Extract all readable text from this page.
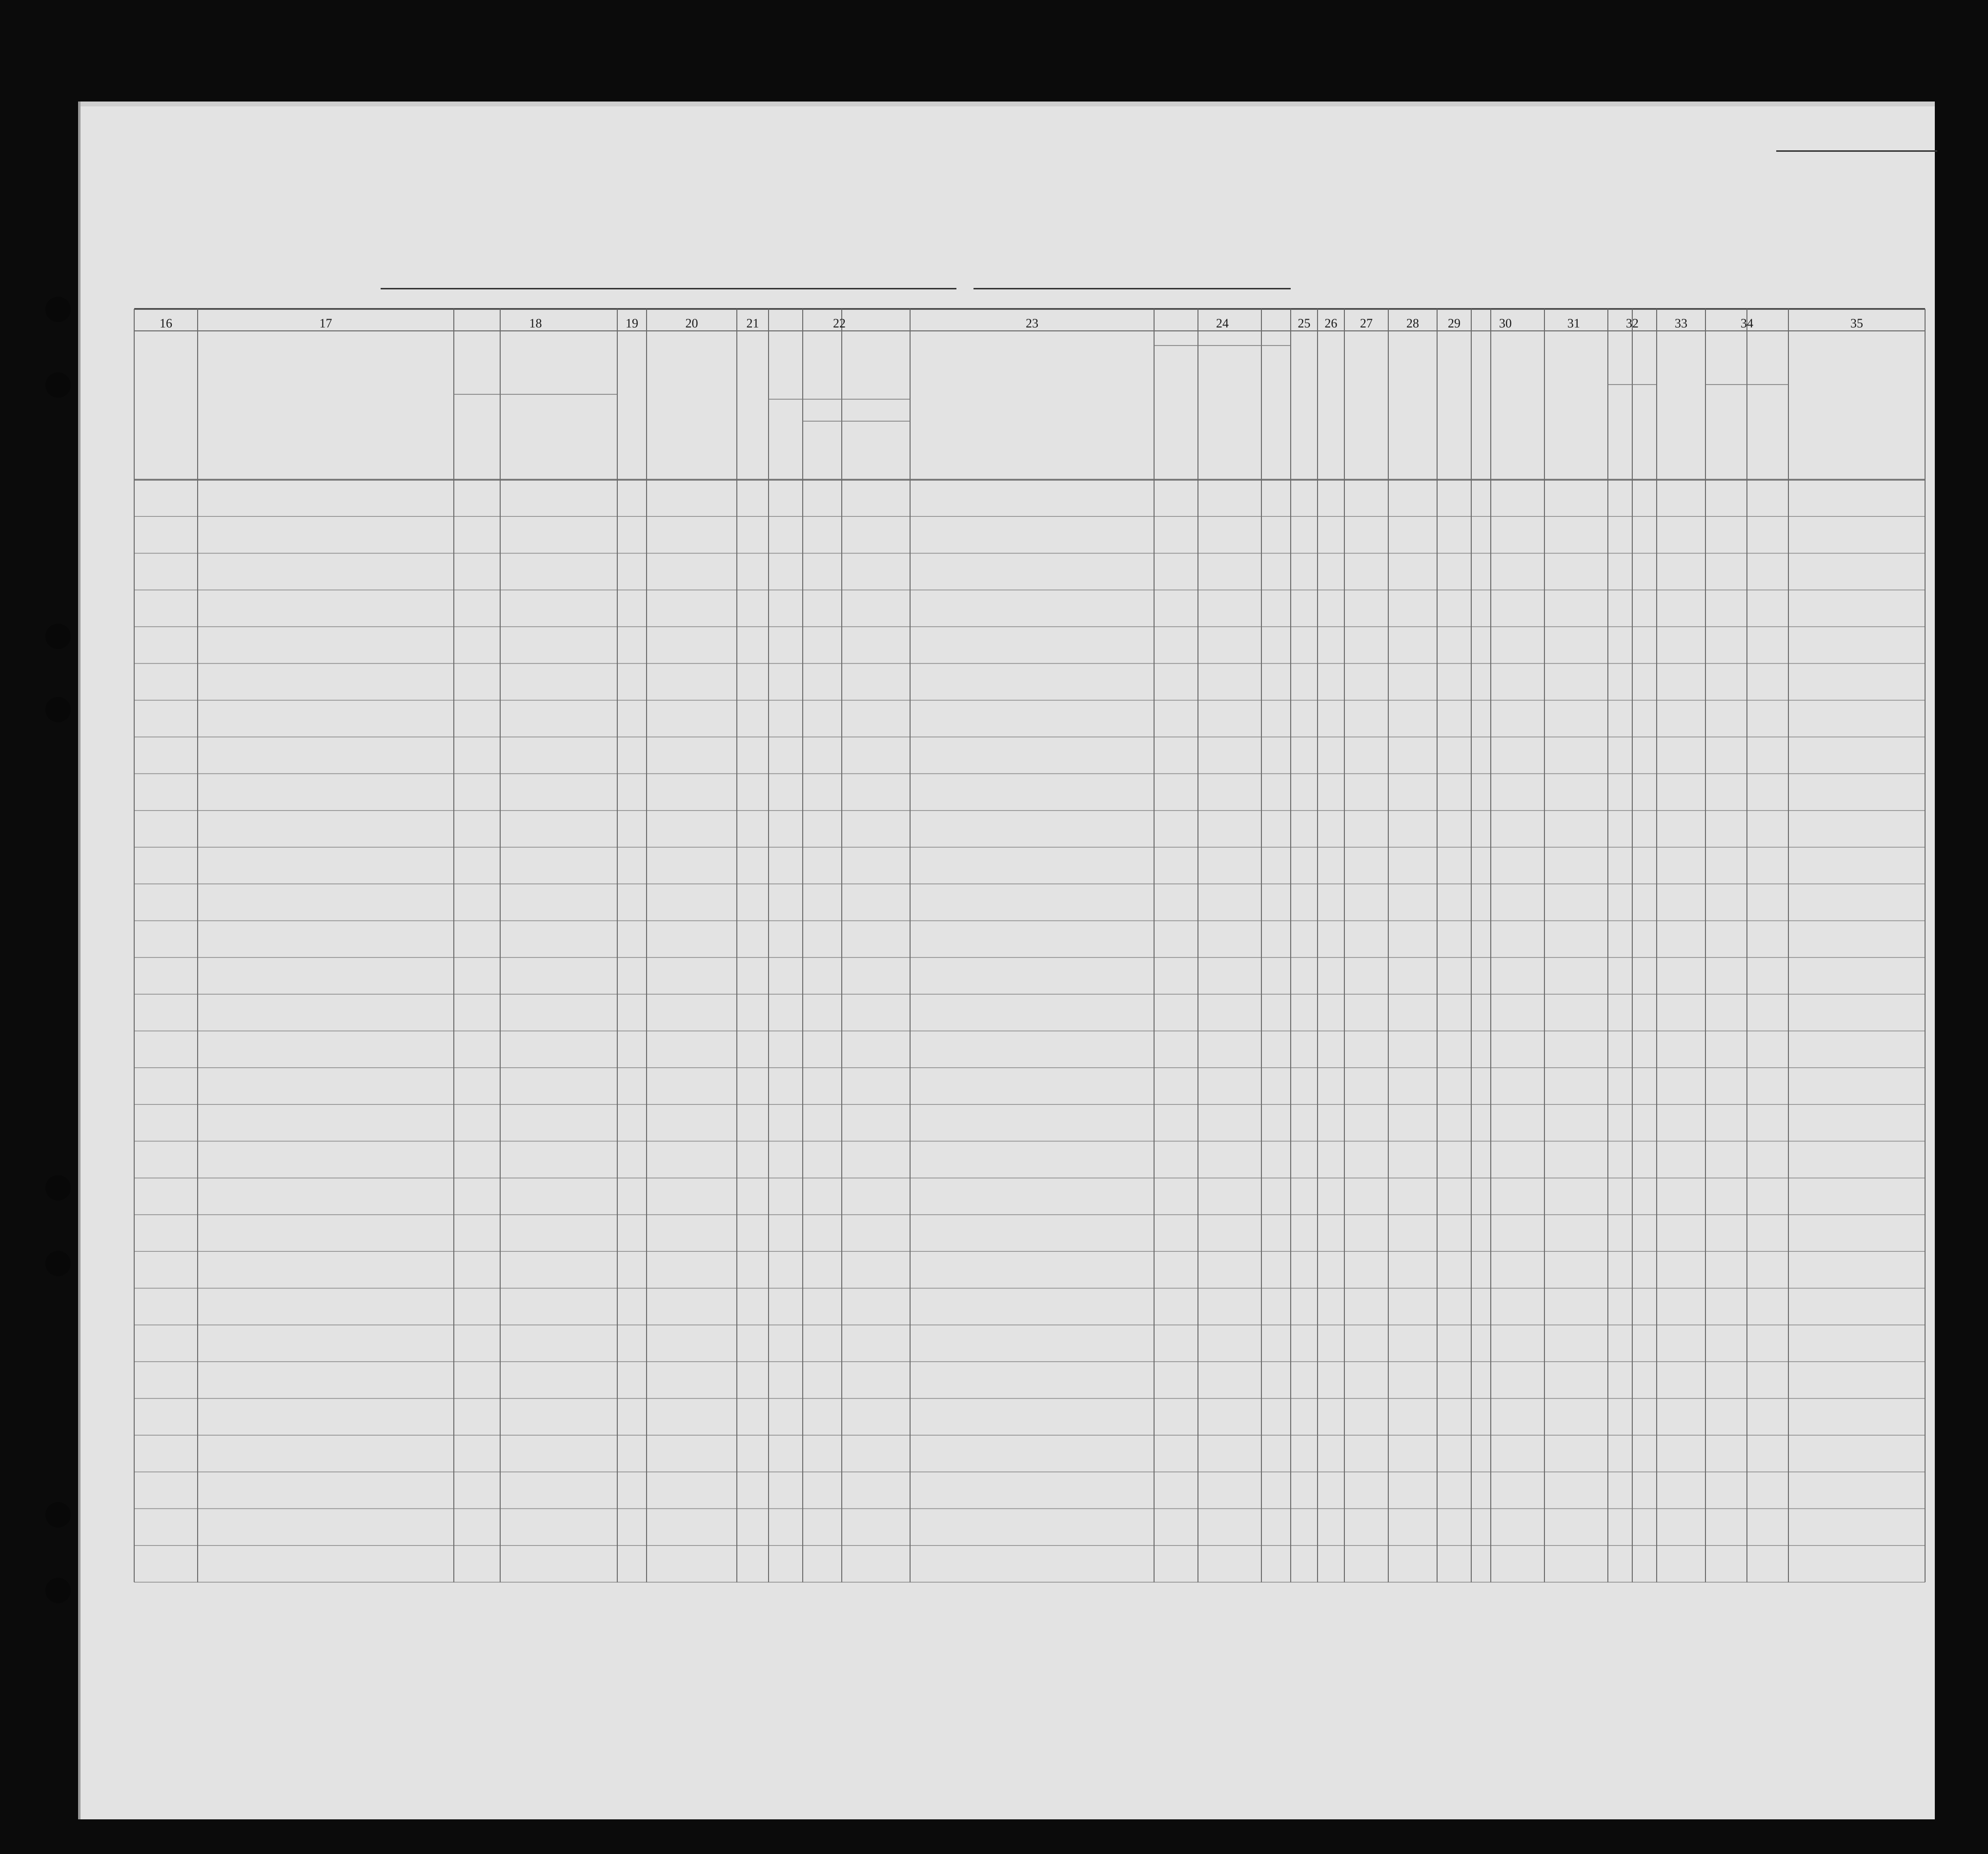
16	17	18	19	20	21	22	23	24	25	26	27	28	29	30	31	32	33	34	35
